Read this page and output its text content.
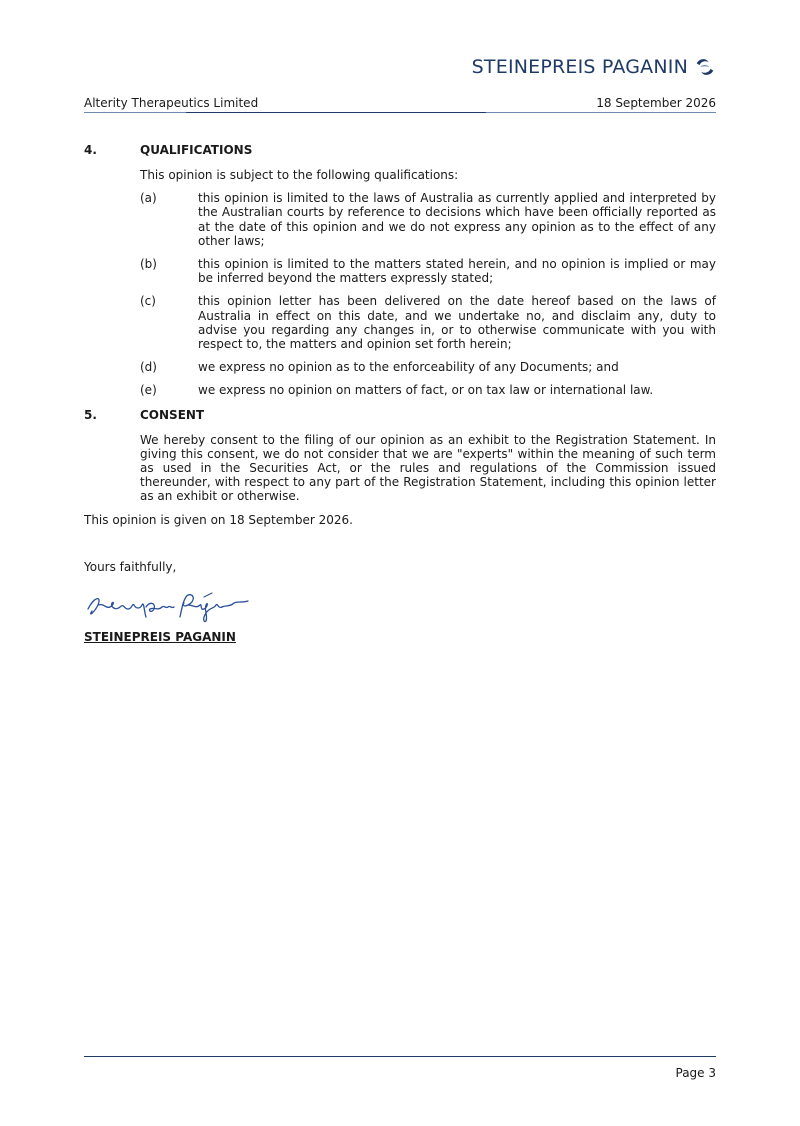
STEINEPREIS PAGANIN
Alterity Therapeutics Limited	18 September 2026
4.	QUALIFICATIONS
This opinion is subject to the following qualifications:
(a)	this opinion is limited to the laws of Australia as currently applied and interpreted by the Australian courts by reference to decisions which have been officially reported as at the date of this opinion and we do not express any opinion as to the effect of any other laws;
(b)	this opinion is limited to the matters stated herein, and no opinion is implied or may be inferred beyond the matters expressly stated;
(c)	this opinion letter has been delivered on the date hereof based on the laws of Australia in effect on this date, and we undertake no, and disclaim any, duty to advise you regarding any changes in, or to otherwise communicate with you with respect to, the matters and opinion set forth herein;
(d)	we express no opinion as to the enforceability of any Documents; and
(e)	we express no opinion on matters of fact, or on tax law or international law.
5.	CONSENT
We hereby consent to the filing of our opinion as an exhibit to the Registration Statement. In giving this consent, we do not consider that we are "experts" within the meaning of such term as used in the Securities Act, or the rules and regulations of the Commission issued thereunder, with respect to any part of the Registration Statement, including this opinion letter as an exhibit or otherwise.
This opinion is given on 18 September 2026.
Yours faithfully,
STEINEPREIS PAGANIN
Page 3
